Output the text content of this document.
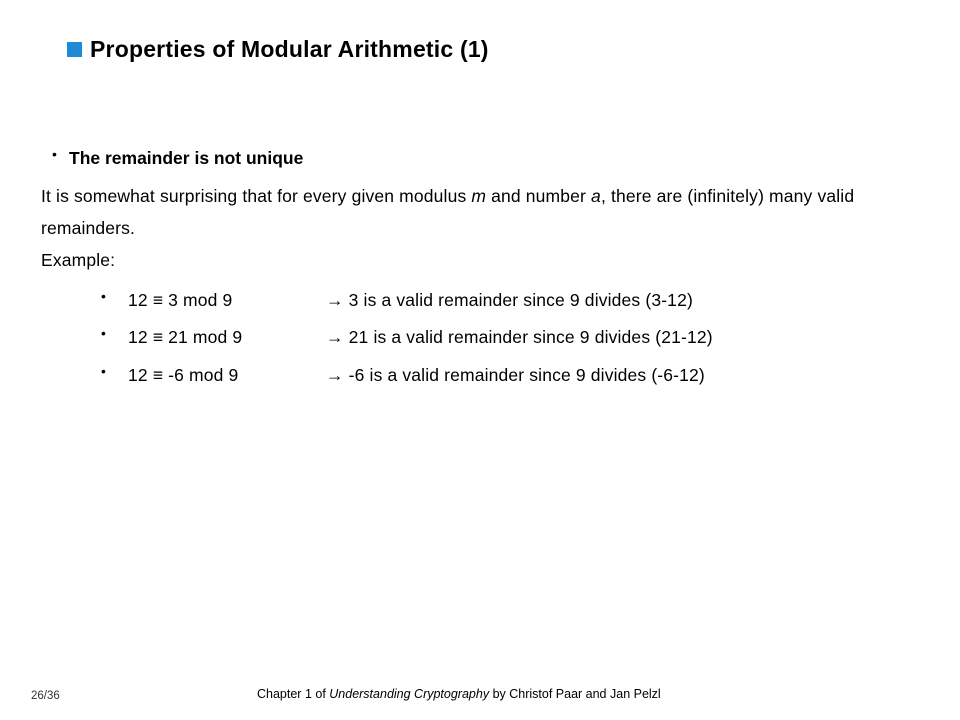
Properties of Modular Arithmetic (1)
• The remainder is not unique
It is somewhat surprising that for every given modulus m and number a, there are (infinitely) many valid remainders.
Example:
• 12 ≡ 3 mod 9	→ 3 is a valid remainder since 9 divides (3-12)
• 12 ≡ 21 mod 9	→ 21 is a valid remainder since 9 divides (21-12)
• 12 ≡ -6 mod 9	→ -6 is a valid remainder since 9 divides (-6-12)
26/36	Chapter 1 of Understanding Cryptography by Christof Paar and Jan Pelzl
